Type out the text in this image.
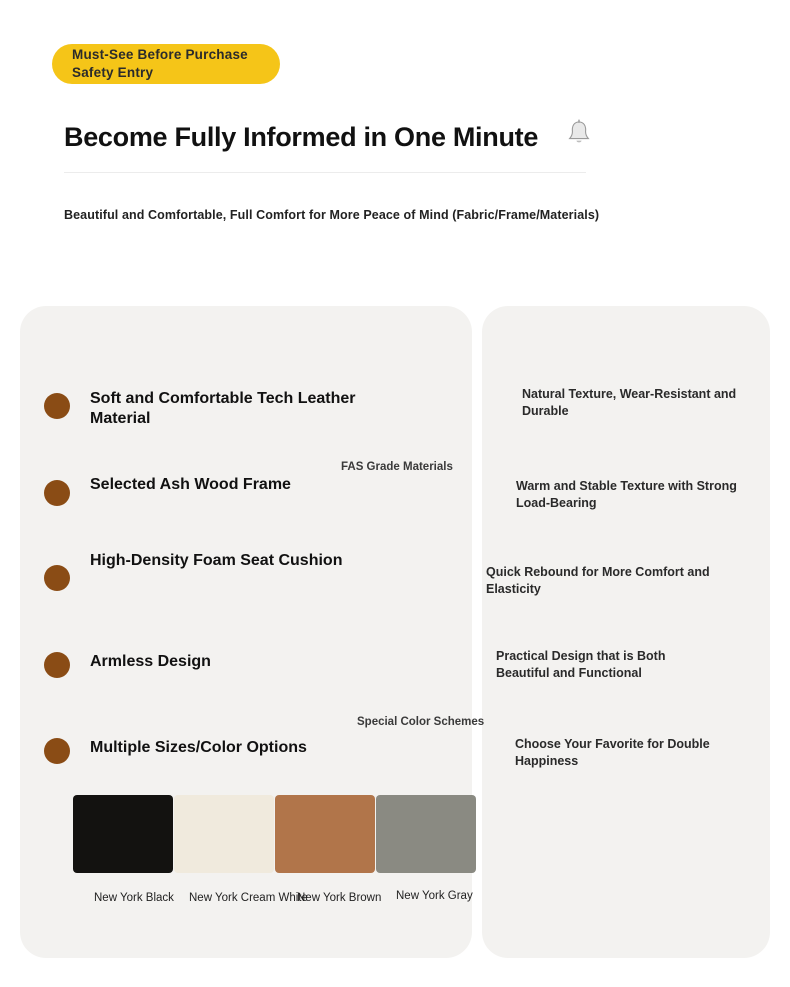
Must-See Before Purchase
Safety Entry
Become Fully Informed in One Minute
Beautiful and Comfortable, Full Comfort for More Peace of Mind (Fabric/Frame/Materials)
Soft and Comfortable Tech Leather Material
Natural Texture, Wear-Resistant and Durable
Selected Ash Wood Frame
FAS Grade Materials
Warm and Stable Texture with Strong Load-Bearing
High-Density Foam Seat Cushion
Quick Rebound for More Comfort and Elasticity
Armless Design	Practical Design that is Both Beautiful and Functional
Multiple Sizes/Color Options
Special Color Schemes
Choose Your Favorite for Double Happiness
New York Black New York Cream White
New York Brown New York Gray
